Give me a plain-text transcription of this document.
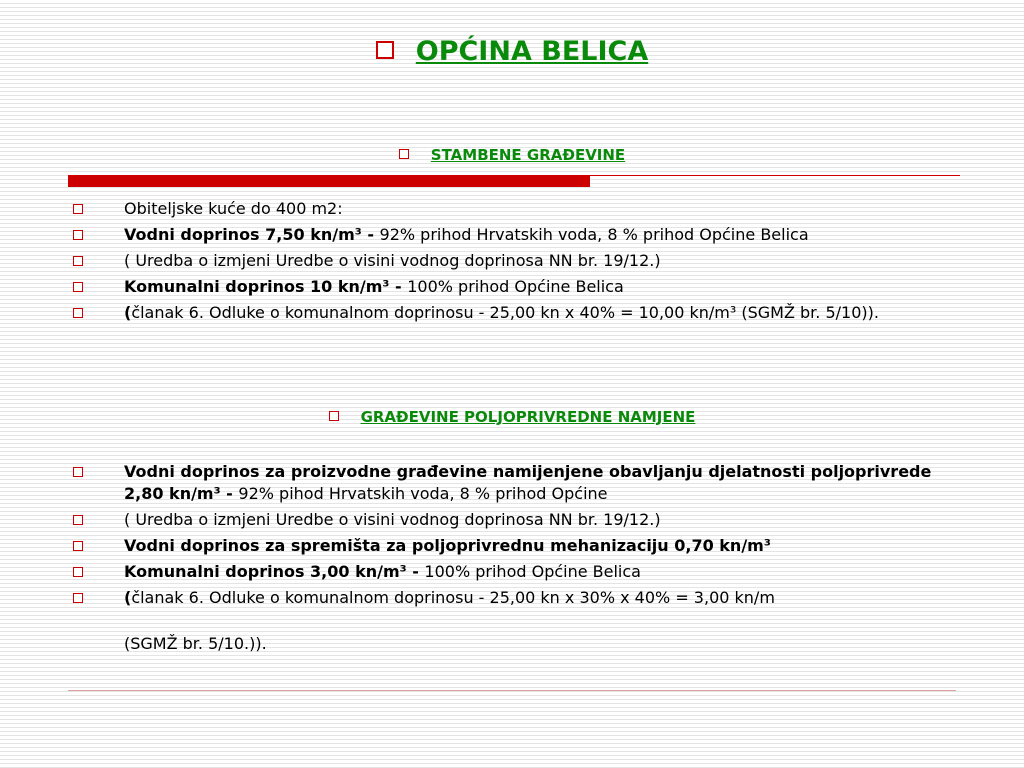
OPĆINA BELICA
STAMBENE GRAĐEVINE
Obiteljske kuće do 400 m2:
Vodni doprinos 7,50 kn/m³ - 92% prihod Hrvatskih voda, 8 % prihod Općine Belica
( Uredba o izmjeni Uredbe o visini vodnog doprinosa NN br. 19/12.)
Komunalni doprinos 10 kn/m³ - 100% prihod Općine Belica
(članak 6. Odluke o komunalnom doprinosu - 25,00 kn x 40% = 10,00 kn/m³ (SGMŽ br. 5/10)).
GRAĐEVINE POLJOPRIVREDNE NAMJENE
Vodni doprinos za proizvodne građevine namijenjene obavljanju djelatnosti poljoprivrede 2,80 kn/m³ - 92% pihod Hrvatskih voda, 8 % prihod Općine
( Uredba o izmjeni Uredbe o visini vodnog doprinosa NN br. 19/12.)
Vodni doprinos za spremišta za poljoprivrednu mehanizaciju 0,70 kn/m³
Komunalni doprinos 3,00 kn/m³ - 100% prihod Općine Belica
(članak 6. Odluke o komunalnom doprinosu - 25,00 kn x 30% x 40% = 3,00 kn/m
(SGMŽ br. 5/10.)).
